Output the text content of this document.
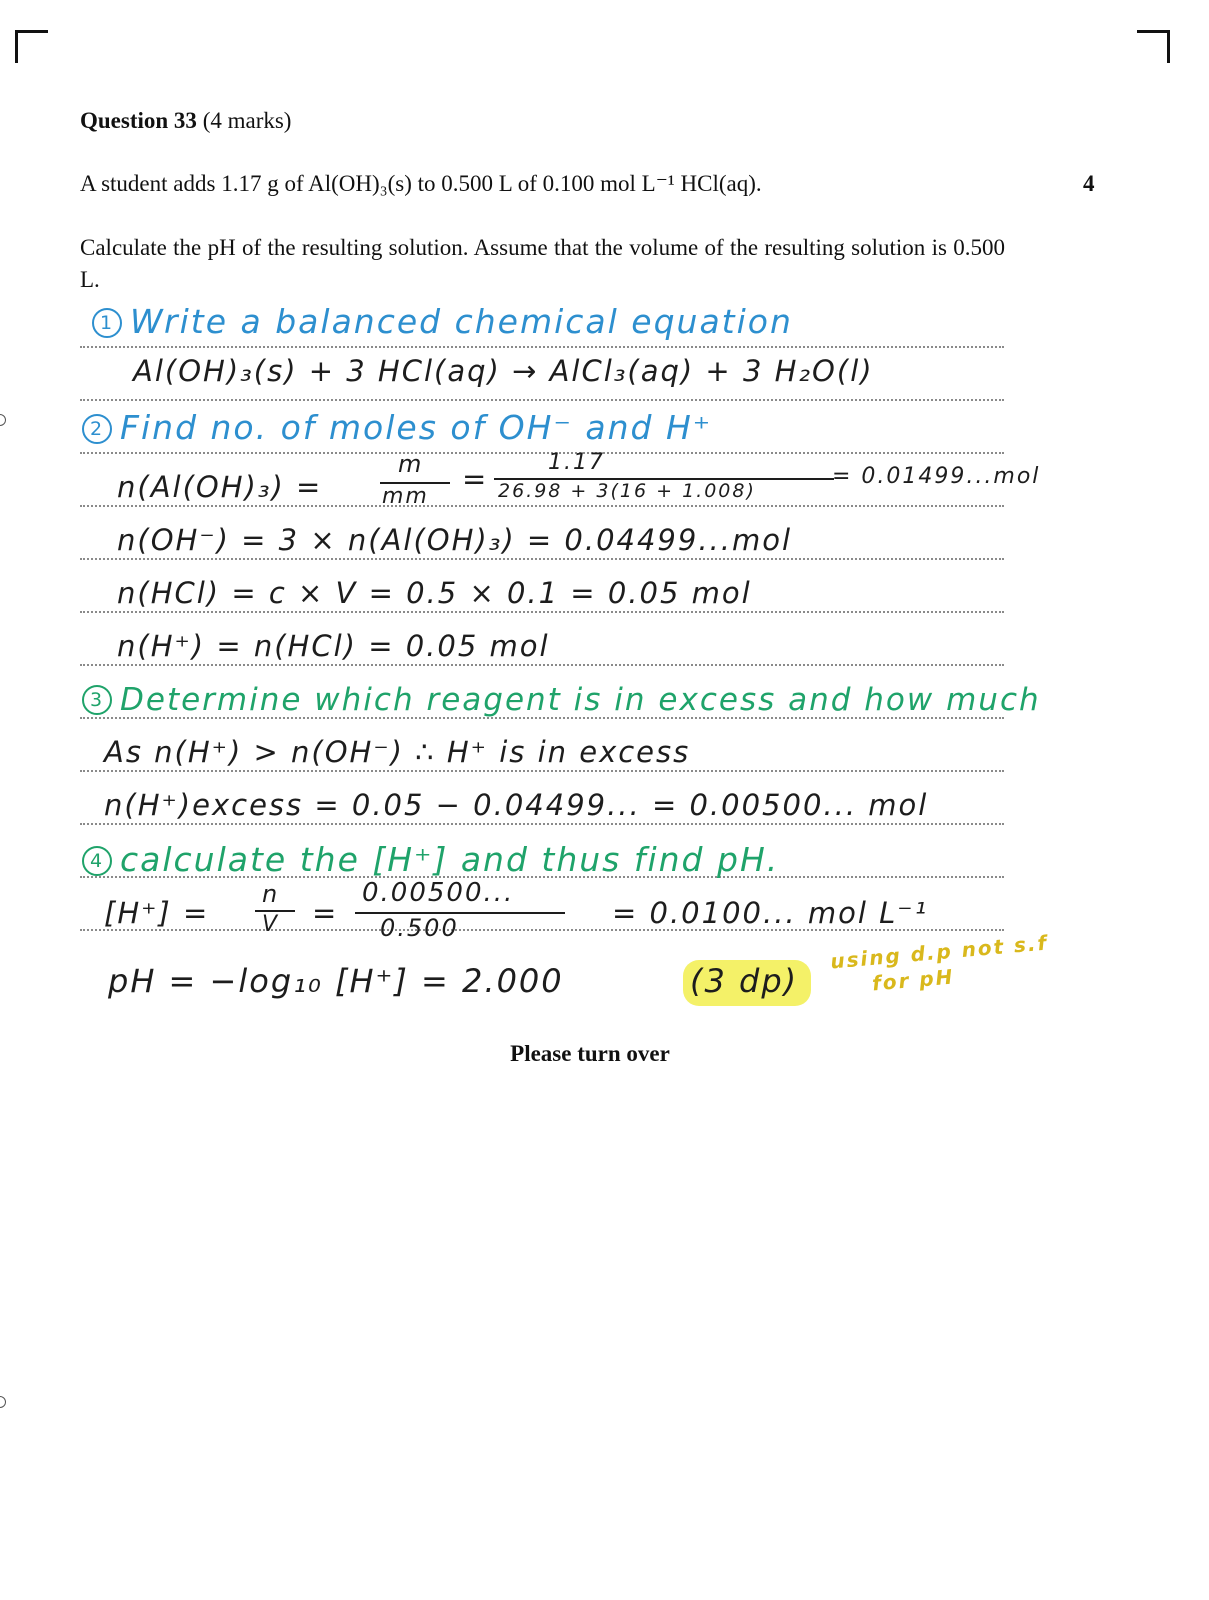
Question 33 (4 marks)
A student adds 1.17 g of Al(OH)₃(s) to 0.500 L of 0.100 mol L⁻¹ HCl(aq).	4
Calculate the pH of the resulting solution. Assume that the volume of the resulting solution is 0.500 L.
1 Write a balanced chemical equation
Al(OH)₃(s) + 3 HCl(aq) → AlCl₃(aq) + 3 H₂O(l)
2 Find no. of moles of OH⁻ and H⁺
n(Al(OH)₃) =
m
mm
=	1.17
26.98 + 3(16 + 1.008)
= 0.01499...mol
n(OH⁻) = 3 × n(Al(OH)₃) = 0.04499...mol
n(HCl) = c × V = 0.5 × 0.1 = 0.05 mol
n(H⁺) = n(HCl) = 0.05 mol
3 Determine which reagent is in excess and how much
As n(H⁺) > n(OH⁻) ∴ H⁺ is in excess
n(H⁺)excess = 0.05 − 0.04499... = 0.00500... mol
4 calculate the [H⁺] and thus find pH.
[H⁺] =
n
V =
0.00500...
0.500	= 0.0100... mol L⁻¹
pH = −log₁₀ [H⁺] = 2.000	(3 dp)
using d.p not s.f
for pH
Please turn over
